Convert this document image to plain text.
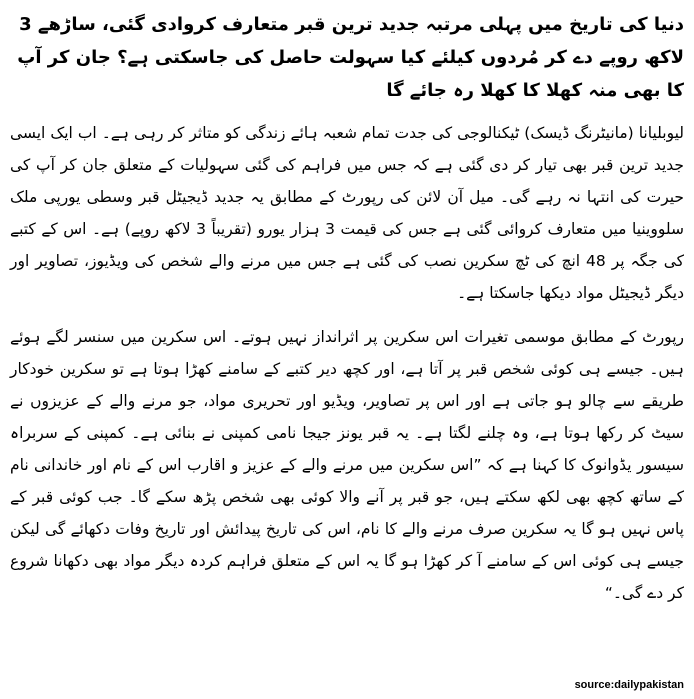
دنیا کی تاریخ میں پہلی مرتبہ جدید ترین قبر متعارف کروادی گئی، ساڑھے 3 لاکھ روپے دے کر مُردوں کیلئے کیا سہولت حاصل کی جاسکتی ہے؟ جان کر آپ کا بھی منہ کھلا کا کھلا رہ جائے گا

لیوبلیانا (مانیٹرنگ ڈیسک) ٹیکنالوجی کی جدت تمام شعبہ ہائے زندگی کو متاثر کر رہی ہے۔ اب ایک ایسی جدید ترین قبر بھی تیار کر دی گئی ہے کہ جس میں فراہم کی گئی سہولیات کے متعلق جان کر آپ کی حیرت کی انتہا نہ رہے گی۔ میل آن لائن کی رپورٹ کے مطابق یہ جدید ڈیجیٹل قبر وسطی یورپی ملک سلووینیا میں متعارف کروائی گئی ہے جس کی قیمت 3 ہزار یورو (تقریباً 3 لاکھ روپے) ہے۔ اس کے کتبے کی جگہ پر 48 انچ کی ٹچ سکرین نصب کی گئی ہے جس میں مرنے والے شخص کی ویڈیوز، تصاویر اور دیگر ڈیجیٹل مواد دیکھا جاسکتا ہے۔

رپورٹ کے مطابق موسمی تغیرات اس سکرین پر اثرانداز نہیں ہوتے۔ اس سکرین میں سنسر لگے ہوئے ہیں۔ جیسے ہی کوئی شخص قبر پر آتا ہے، اور کچھ دیر کتبے کے سامنے کھڑا ہوتا ہے تو سکرین خودکار طریقے سے چالو ہو جاتی ہے اور اس پر تصاویر، ویڈیو اور تحریری مواد، جو مرنے والے کے عزیزوں نے سیٹ کر رکھا ہوتا ہے، وہ چلنے لگتا ہے۔ یہ قبر یونز جیجا نامی کمپنی نے بنائی ہے۔ کمپنی کے سربراہ سیسور یڈوانوک کا کہنا ہے کہ ”اس سکرین میں مرنے والے کے عزیز و اقارب اس کے نام اور خاندانی نام کے ساتھ کچھ بھی لکھ سکتے ہیں، جو قبر پر آنے والا کوئی بھی شخص پڑھ سکے گا۔ جب کوئی قبر کے پاس نہیں ہو گا یہ سکرین صرف مرنے والے کا نام، اس کی تاریخ پیدائش اور تاریخ وفات دکھائے گی لیکن جیسے ہی کوئی اس کے سامنے آ کر کھڑا ہو گا یہ اس کے متعلق فراہم کردہ دیگر مواد بھی دکھانا شروع کر دے گی۔“

source:dailypakistan
